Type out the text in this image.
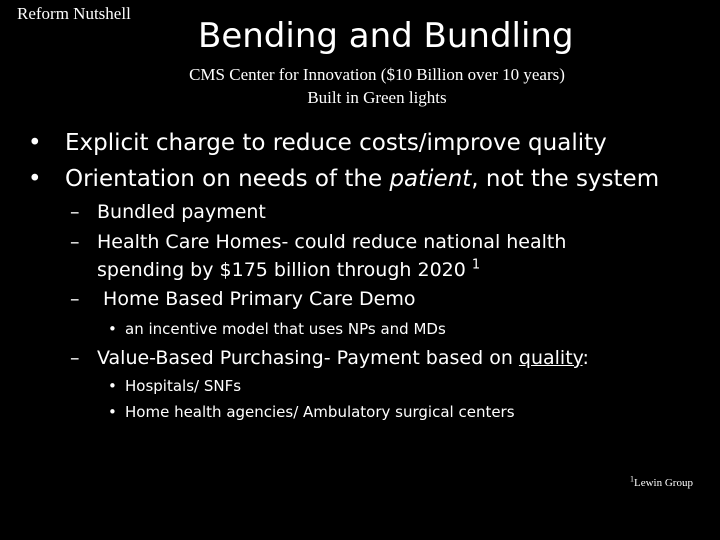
Reform Nutshell
Bending and Bundling
CMS Center for Innovation ($10 Billion over 10 years)
Built in Green lights
• Explicit charge to reduce costs/improve quality
• Orientation on needs of the patient, not the system
– Bundled payment
– Health Care Homes- could reduce national health
spending by $175 billion through 2020 $^1$
– Home Based Primary Care Demo
• an incentive model that uses NPs and MDs
– Value-Based Purchasing- Payment based on quality:
• Hospitals/ SNFs
• Home health agencies/ Ambulatory surgical centers
$^1$Lewin Group
